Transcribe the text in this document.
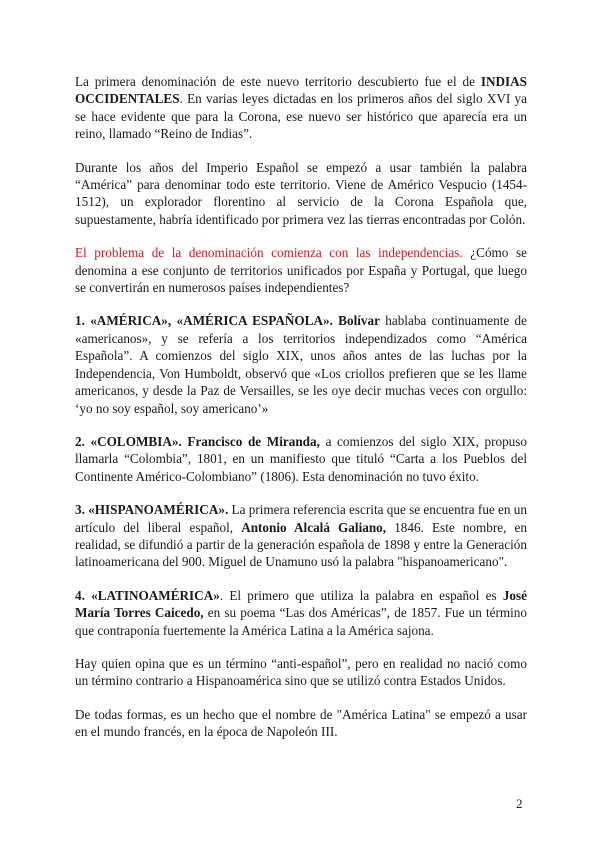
La primera denominación de este nuevo territorio descubierto fue el de INDIAS OCCIDENTALES. En varias leyes dictadas en los primeros años del siglo XVI ya se hace evidente que para la Corona, ese nuevo ser histórico que aparecía era un reino, llamado “Reino de Indias”.

Durante los años del Imperio Español se empezó a usar también la palabra “América” para denominar todo este territorio. Viene de Américo Vespucio (1454-1512), un explorador florentino al servicio de la Corona Española que, supuestamente, habría identificado por primera vez las tierras encontradas por Colón.

El problema de la denominación comienza con las independencias. ¿Cómo se denomina a ese conjunto de territorios unificados por España y Portugal, que luego se convertirán en numerosos países independientes?

1. «AMÉRICA», «AMÉRICA ESPAÑOLA». Bolívar hablaba continuamente de «americanos», y se refería a los territorios independizados como “América Española”. A comienzos del siglo XIX, unos años antes de las luchas por la Independencia, Von Humboldt, observó que «Los criollos prefieren que se les llame americanos, y desde la Paz de Versailles, se les oye decir muchas veces con orgullo: ‘yo no soy español, soy americano’»

2. «COLOMBIA». Francisco de Miranda, a comienzos del siglo XIX, propuso llamarla “Colombia”, 1801, en un manifiesto que tituló “Carta a los Pueblos del Continente Américo-Colombiano” (1806). Esta denominación no tuvo éxito.

3. «HISPANOAMÉRICA». La primera referencia escrita que se encuentra fue en un artículo del liberal español, Antonio Alcalá Galiano, 1846. Este nombre, en realidad, se difundió a partir de la generación española de 1898 y entre la Generación latinoamericana del 900. Miguel de Unamuno usó la palabra "hispanoamericano".

4. «LATINOAMÉRICA». El primero que utiliza la palabra en español es José María Torres Caicedo, en su poema “Las dos Américas”, de 1857. Fue un término que contraponía fuertemente la América Latina a la América sajona.

Hay quien opina que es un término “anti-español”, pero en realidad no nació como un término contrario a Hispanoamérica sino que se utilizó contra Estados Unidos.

De todas formas, es un hecho que el nombre de "América Latina" se empezó a usar en el mundo francés, en la época de Napoleón III.

2
